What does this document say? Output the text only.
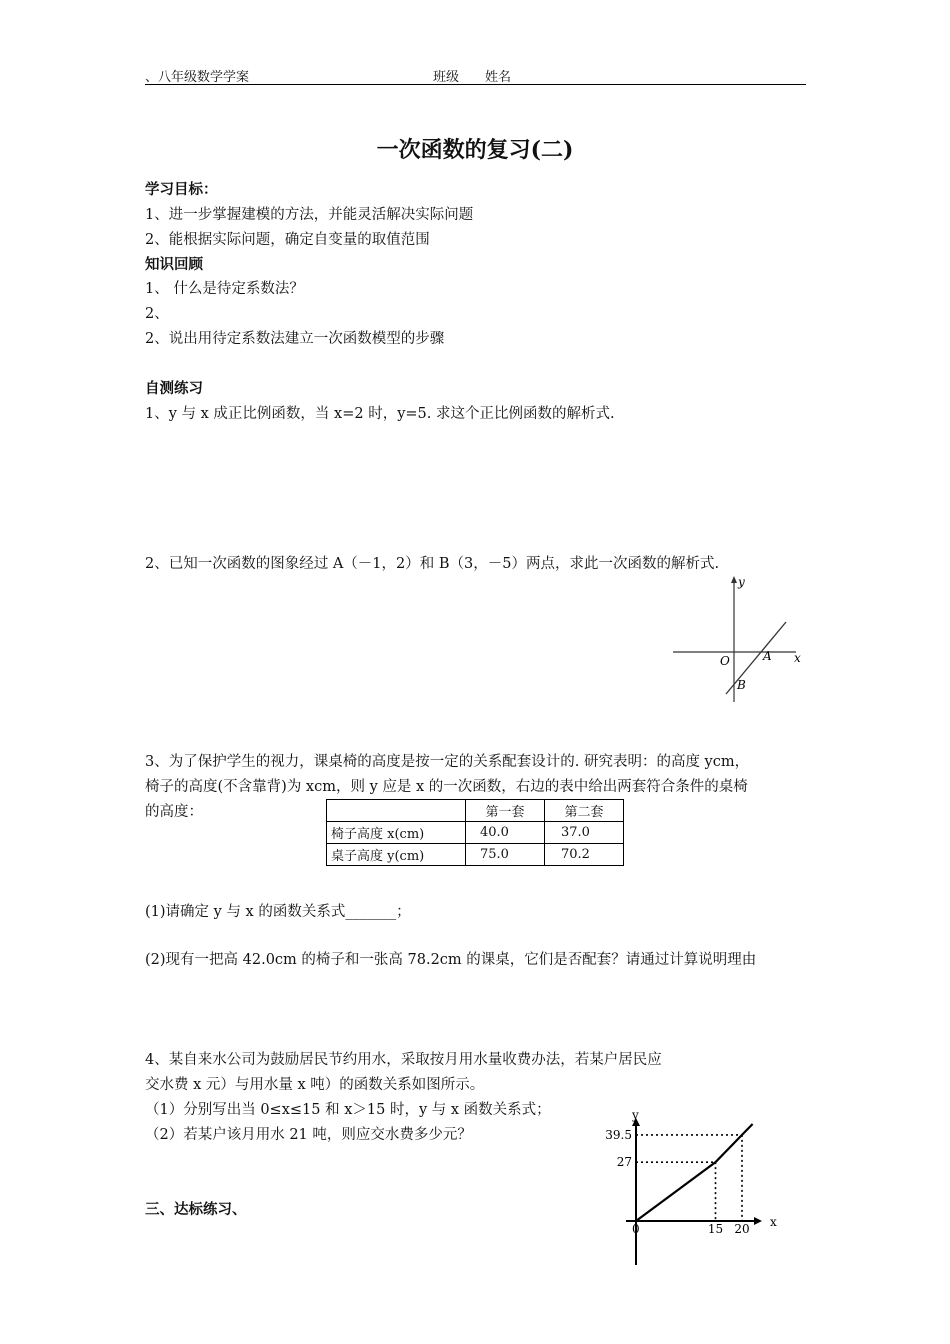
、八年级数学学案	班级 姓名
一次函数的复习(二)
学习目标：
1、进一步掌握建模的方法，并能灵活解决实际问题
2、能根据实际问题，确定自变量的取值范围
知识回顾
1、 什么是待定系数法？
2、
2、说出用待定系数法建立一次函数模型的步骤
自测练习
1、y 与 x 成正比例函数，当 x=2 时，y=5. 求这个正比例函数的解析式.
2、已知一次函数的图象经过 A（－1，2）和 B（3，－5）两点，求此一次函数的解析式.
y
x
O	A
B
3、为了保护学生的视力，课桌椅的高度是按一定的关系配套设计的. 研究表明：的高度 ycm，
椅子的高度(不含靠背)为 xcm，则 y 应是 x 的一次函数，右边的表中给出两套符合条件的桌椅
的高度：
		第一套	第二套
椅子高度 x(cm)	40.0	37.0
桌子高度 y(cm)	75.0	70.2
(1)请确定 y 与 x 的函数关系式_______；
(2)现有一把高 42.0cm 的椅子和一张高 78.2cm 的课桌，它们是否配套？请通过计算说明理由
4、某自来水公司为鼓励居民节约用水，采取按月用水量收费办法，若某户居民应
交水费 x 元）与用水量 x 吨）的函数关系如图所示。
（1）分别写出当 0≤x≤15 和 x＞15 时，y 与 x 函数关系式；
（2）若某户该月用水 21 吨，则应交水费多少元？
x
y
0
39.5
27
15 20
三、达标练习、
